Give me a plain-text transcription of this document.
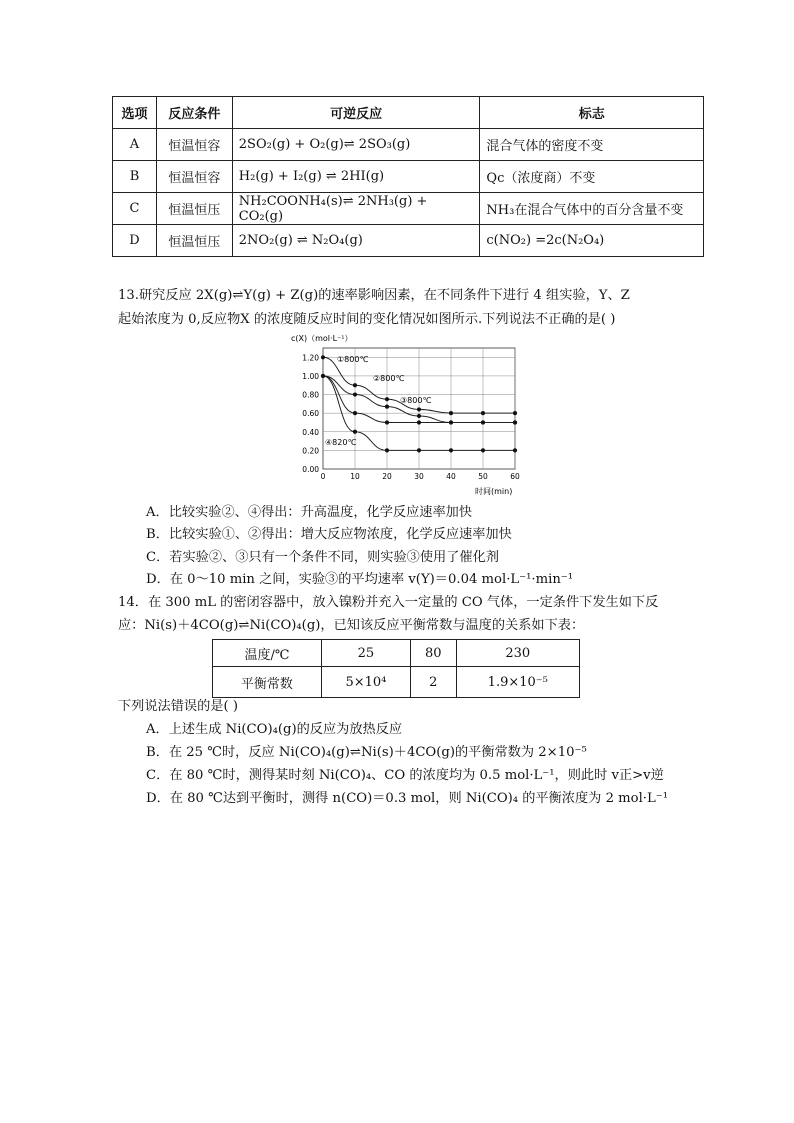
选项	反应条件	可逆反应	标志
A	恒温恒容	2SO₂(g) + O₂(g)⇌ 2SO₃(g)	混合气体的密度不变
B	恒温恒容	H₂(g) + I₂(g) ⇌ 2HI(g)	Qc（浓度商）不变
C	恒温恒压	NH₂COONH₄(s)⇌ 2NH₃(g) + CO₂(g)	NH₃在混合气体中的百分含量不变
D	恒温恒压	2NO₂(g) ⇌ N₂O₄(g)	c(NO₂) =2c(N₂O₄)
13.研究反应 2X(g)⇌Y(g) + Z(g)的速率影响因素，在不同条件下进行 4 组实验，Y、Z
起始浓度为 0,反应物X 的浓度随反应时间的变化情况如图所示.下列说法不正确的是( )
c(X)（mol·L⁻¹）
时间(min)
0.00
0.20
0.40
0.60
0.80
1.00
1.20
0	10	20	30	40	50	60
①800℃
②800℃
③800℃
④820℃
A．比较实验②、④得出：升高温度，化学反应速率加快
B．比较实验①、②得出：增大反应物浓度，化学反应速率加快
C．若实验②、③只有一个条件不同，则实验③使用了催化剂
D．在 0～10 min 之间，实验③的平均速率 v(Y)＝0.04 mol·L⁻¹·min⁻¹
14．在 300 mL 的密闭容器中，放入镍粉并充入一定量的 CO 气体，一定条件下发生如下反
应：Ni(s)＋4CO(g)⇌Ni(CO)₄(g)，已知该反应平衡常数与温度的关系如下表：
温度/℃	25	80	230
平衡常数	5×10⁴	2	1.9×10⁻⁵
下列说法错误的是( )
A．上述生成 Ni(CO)₄(g)的反应为放热反应
B．在 25 ℃时，反应 Ni(CO)₄(g)⇌Ni(s)＋4CO(g)的平衡常数为 2×10⁻⁵
C．在 80 ℃时，测得某时刻 Ni(CO)₄、CO 的浓度均为 0.5 mol·L⁻¹，则此时 v正>v逆
D．在 80 ℃达到平衡时，测得 n(CO)＝0.3 mol，则 Ni(CO)₄ 的平衡浓度为 2 mol·L⁻¹
